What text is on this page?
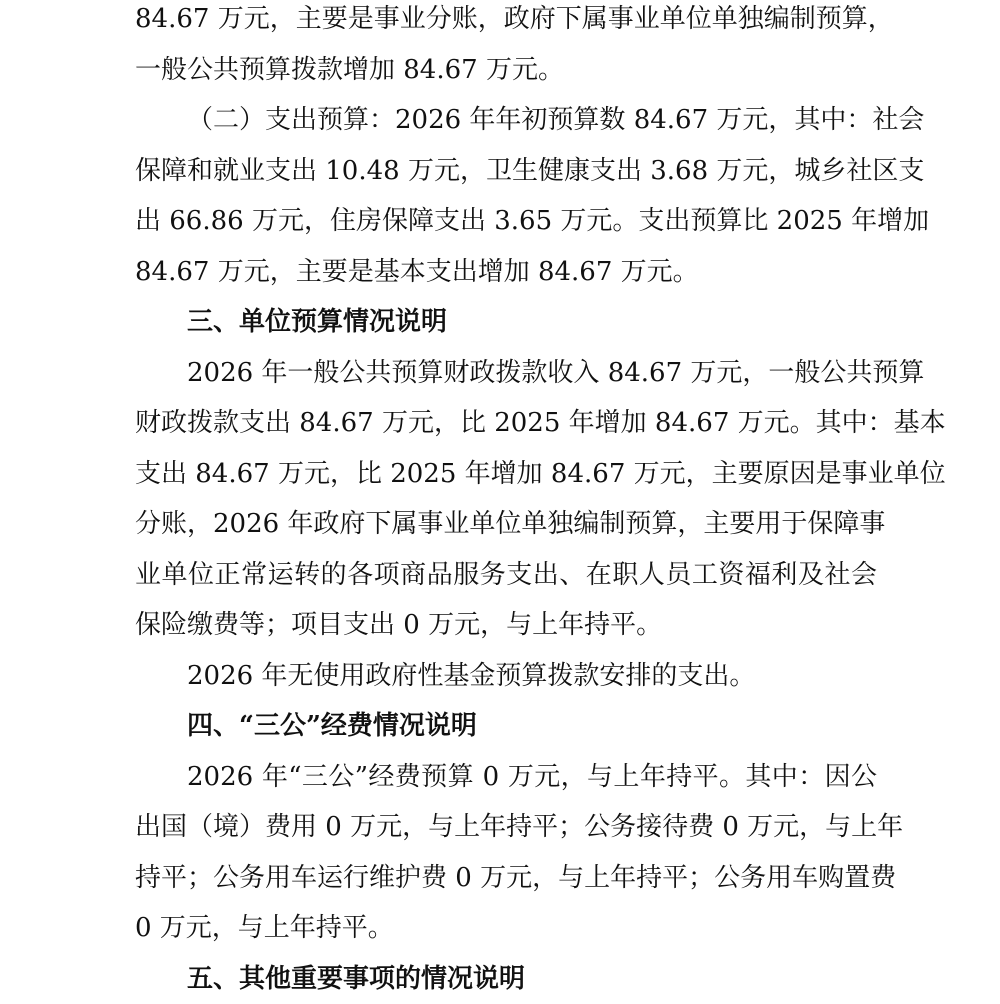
84.67 万元，主要是事业分账，政府下属事业单位单独编制预算，
一般公共预算拨款增加 84.67 万元。
（二）支出预算：2026 年年初预算数 84.67 万元，其中：社会
保障和就业支出 10.48 万元，卫生健康支出 3.68 万元，城乡社区支
出 66.86 万元，住房保障支出 3.65 万元。支出预算比 2025 年增加
84.67 万元，主要是基本支出增加 84.67 万元。
三、单位预算情况说明
2026 年一般公共预算财政拨款收入 84.67 万元，一般公共预算
财政拨款支出 84.67 万元，比 2025 年增加 84.67 万元。其中：基本
支出 84.67 万元，比 2025 年增加 84.67 万元，主要原因是事业单位
分账，2026 年政府下属事业单位单独编制预算，主要用于保障事
业单位正常运转的各项商品服务支出、在职人员工资福利及社会
保险缴费等；项目支出 0 万元，与上年持平。
2026 年无使用政府性基金预算拨款安排的支出。
四、“三公”经费情况说明
2026 年“三公”经费预算 0 万元，与上年持平。其中：因公
出国（境）费用 0 万元，与上年持平；公务接待费 0 万元，与上年
持平；公务用车运行维护费 0 万元，与上年持平；公务用车购置费
0 万元，与上年持平。
五、其他重要事项的情况说明
